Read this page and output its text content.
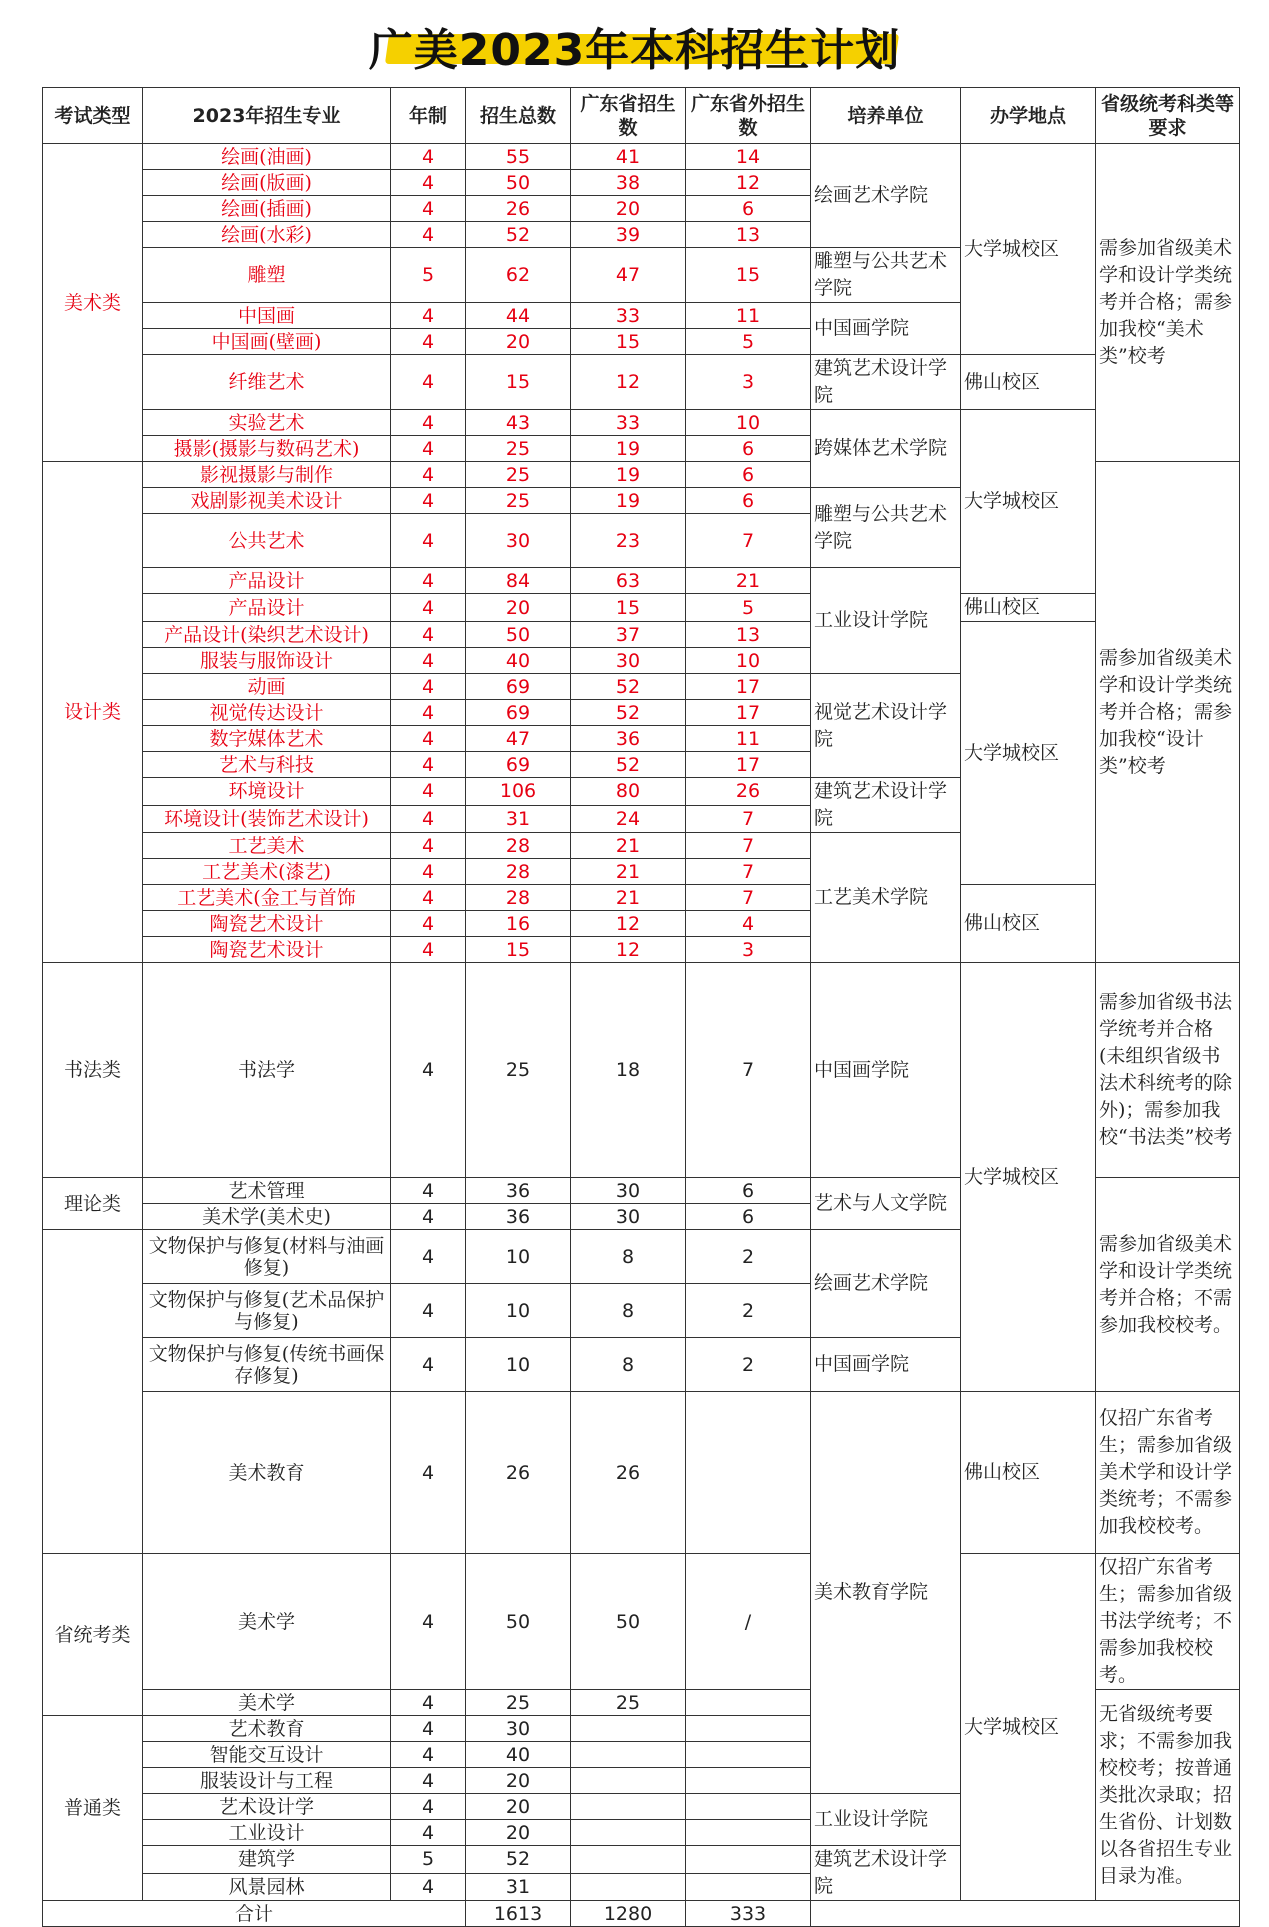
广美2023年本科招生计划
考试类型	2023年招生专业	年制	招生总数	广东省招生数	广东省外招生数	培养单位	办学地点	省级统考科类等要求
美术类	绘画(油画)	4	55	41	14	绘画艺术学院	大学城校区	需参加省级美术学和设计学类统考并合格；需参加我校“美术类”校考
	绘画(版画)	4	50	38	12			
	绘画(插画)	4	26	20	6			
	绘画(水彩)	4	52	39	13			
	雕塑	5	62	47	15	雕塑与公共艺术学院		
	中国画	4	44	33	11	中国画学院		
	中国画(壁画)	4	20	15	5			
	纤维艺术	4	15	12	3	建筑艺术设计学院	佛山校区	
	实验艺术	4	43	33	10	跨媒体艺术学院	大学城校区	
	摄影(摄影与数码艺术)	4	25	19	6			
设计类	影视摄影与制作	4	25	19	6			需参加省级美术学和设计学类统考并合格；需参加我校“设计类”校考
	戏剧影视美术设计	4	25	19	6	雕塑与公共艺术学院		
	公共艺术	4	30	23	7			
	产品设计	4	84	63	21	工业设计学院		
	产品设计	4	20	15	5		佛山校区	
	产品设计(染织艺术设计)	4	50	37	13		大学城校区	
	服装与服饰设计	4	40	30	10			
	动画	4	69	52	17	视觉艺术设计学院		
	视觉传达设计	4	69	52	17			
	数字媒体艺术	4	47	36	11			
	艺术与科技	4	69	52	17			
	环境设计	4	106	80	26	建筑艺术设计学院		
	环境设计(装饰艺术设计)	4	31	24	7			
	工艺美术	4	28	21	7	工艺美术学院		
	工艺美术(漆艺)	4	28	21	7			
	工艺美术(金工与首饰	4	28	21	7		佛山校区	
	陶瓷艺术设计	4	16	12	4			
	陶瓷艺术设计	4	15	12	3			
书法类	书法学	4	25	18	7	中国画学院	大学城校区	需参加省级书法学统考并合格(未组织省级书法术科统考的除外)；需参加我校“书法类”校考
理论类	艺术管理	4	36	30	6	艺术与人文学院		需参加省级美术学和设计学类统考并合格；不需参加我校校考。
	美术学(美术史)	4	36	30	6			
	文物保护与修复(材料与油画修复)	4	10	8	2	绘画艺术学院		
	文物保护与修复(艺术品保护与修复)	4	10	8	2			
	文物保护与修复(传统书画保存修复)	4	10	8	2	中国画学院		
	美术教育	4	26	26		美术教育学院	佛山校区	仅招广东省考生；需参加省级美术学和设计学类统考；不需参加我校校考。
省统考类	美术学	4	50	50	/		大学城校区	仅招广东省考生；需参加省级书法学统考；不需参加我校校考。
	美术学	4	25	25				无省级统考要求；不需参加我校校考；按普通类批次录取；招生省份、计划数以各省招生专业目录为准。
普通类	艺术教育	4	30					
	智能交互设计	4	40					
	服装设计与工程	4	20					
	艺术设计学	4	20			工业设计学院		
	工业设计	4	20					
	建筑学	5	52			建筑艺术设计学院		
	风景园林	4	31					
合计			1613	1280	333			
